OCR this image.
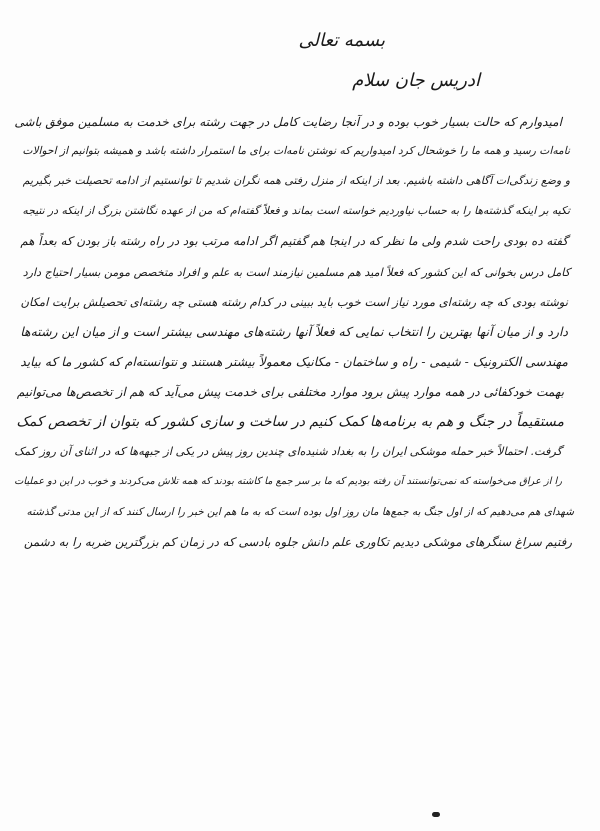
بسمه تعالی
ادریس جان سلام
امیدوارم که حالت بسیار خوب بوده و در آنجا رضایت کامل در جهت رشته برای خدمت به مسلمین موفق باشی
نامه‌ات رسید و همه ما را خوشحال کرد امیدواریم که نوشتن نامه‌ات برای ما استمرار داشته باشد و همیشه بتوانیم از احوالات
و وضع زندگی‌ات آگاهی داشته باشیم. بعد از اینکه از منزل رفتی همه نگران شدیم تا توانستیم از ادامه تحصیلت خبر بگیریم
تکیه بر اینکه گذشته‌ها را به حساب نیاوردیم خواسته است بماند و فعلاً گفته‌ام که من از عهده نگاشتن بزرگ از اینکه در نتیجه
گفته ده بودی راحت شدم ولی ما نظر که در اینجا هم گفتیم اگر ادامه مرتب بود در راه رشته باز بودن که بعداً هم
کامل درس بخوانی که این کشور که فعلاً امید هم مسلمین نیازمند است به علم و افراد متخصص مومن بسیار احتیاج دارد
نوشته بودی که چه رشته‌ای مورد نیاز است خوب باید ببینی در کدام رشته هستی چه رشته‌ای تحصیلش برایت امکان
دارد و از میان آنها بهترین را انتخاب نمایی که فعلاً آنها رشته‌های مهندسی بیشتر است و از میان این رشته‌ها
مهندسی الکترونیک - شیمی - راه و ساختمان - مکانیک معمولاً بیشتر هستند و نتوانسته‌ام که کشور ما که بیاید
بهمت خودکفائی در همه موارد پیش برود موارد مختلفی برای خدمت پیش می‌آید که هم از تخصص‌ها می‌توانیم
مستقیماً در جنگ و هم به برنامه‌ها کمک کنیم در ساخت و سازی کشور که بتوان از تخصص کمک
گرفت. احتمالاً خبر حمله موشکی ایران را به بغداد شنیده‌ای چندین روز پیش در یکی از جبهه‌ها که در اثنای آن روز کمک
را از عراق می‌خواسته که نمی‌توانستند آن رفته بودیم که ما بر سر جمع ما کاشته بودند که همه تلاش می‌کردند و خوب در این دو عملیات
شهدای هم می‌دهیم که از اول جنگ به جمع‌ها مان روز اول بوده است که به ما هم این خبر را ارسال کنند که از این مدتی گذشته
رفتیم سراغ سنگرهای موشکی دیدیم تکاوری علم دانش جلوه بادسی که در زمان کم بزرگترین ضربه را به دشمن
